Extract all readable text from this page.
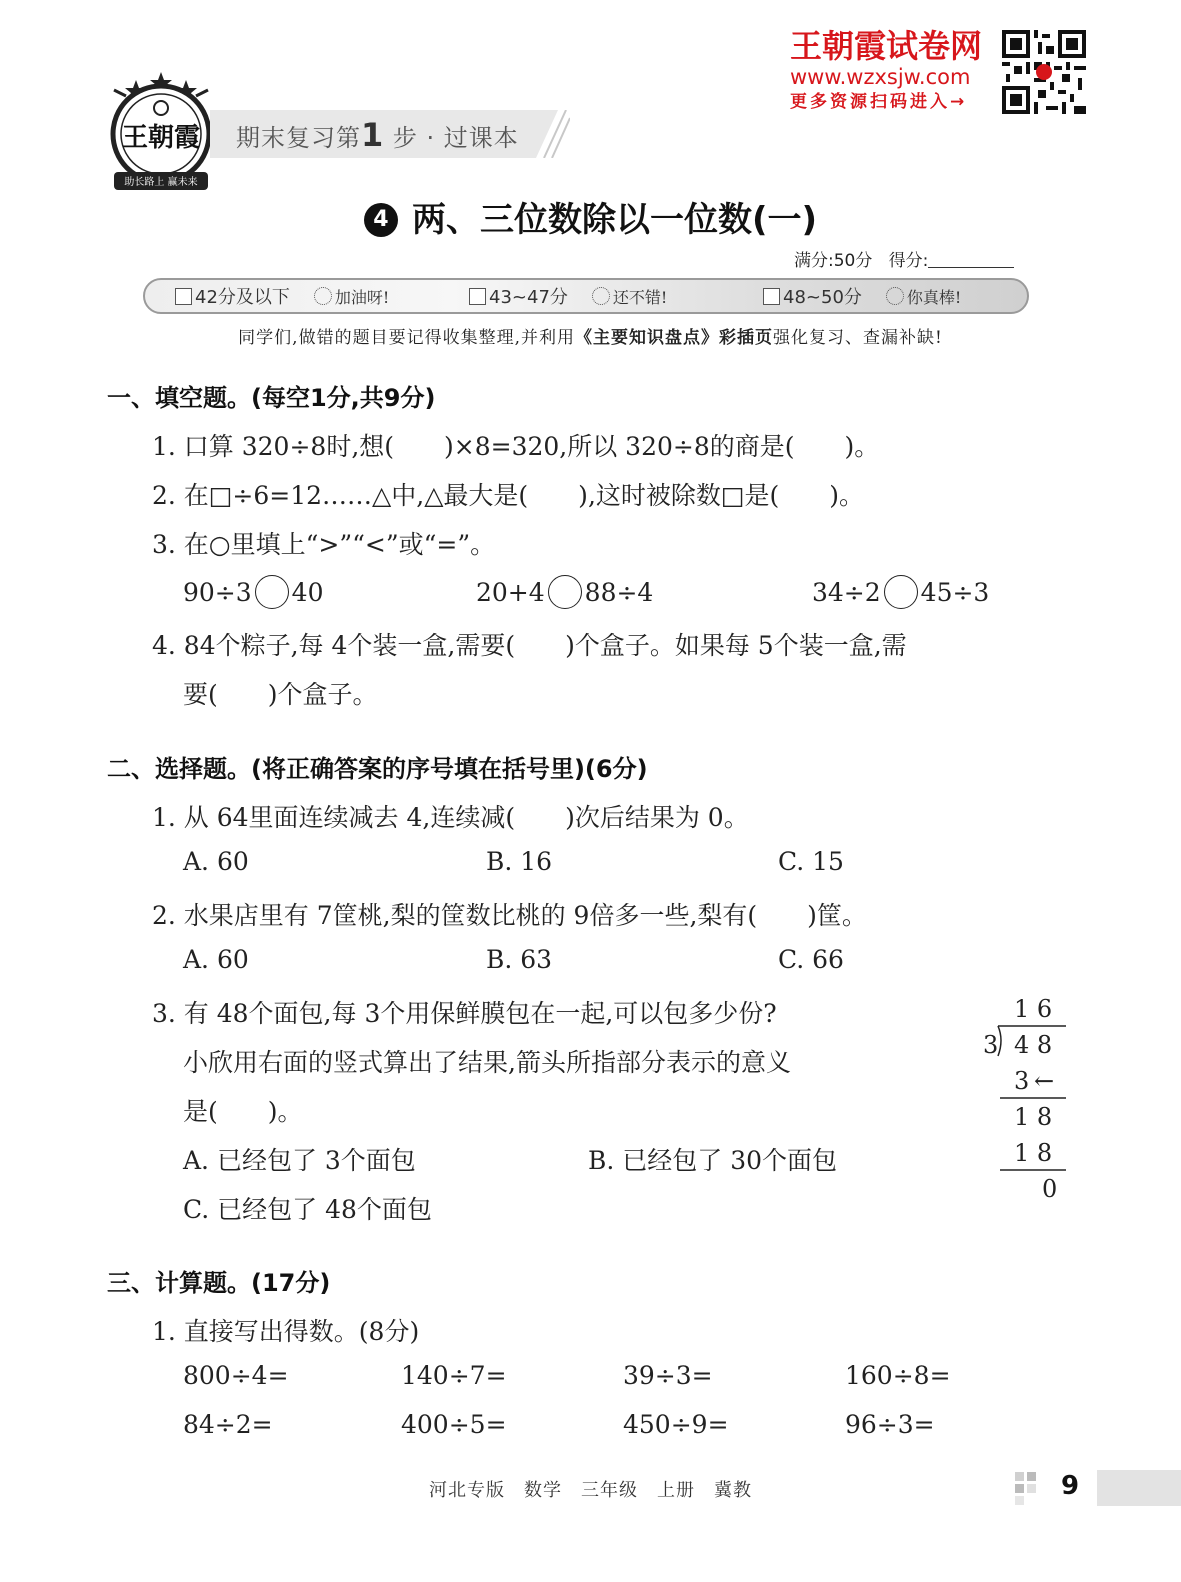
王朝霞
助长路上 赢未来
期末复习第1 步 · 过课本
王朝霞试卷网
www.wzxsjw.com
更多资源扫码进入→
4 两、三位数除以一位数(一)
满分:50分 得分:
42分及以下	加油呀!	43~47分	还不错!	48~50分	你真棒!
同学们,做错的题目要记得收集整理,并利用《主要知识盘点》彩插页强化复习、查漏补缺!
一、填空题。(每空1分,共9分)
1. 口算 320÷8时,想(　　)×8=320,所以 320÷8的商是(　　)。
2. 在□÷6=12……△中,△最大是(　　),这时被除数□是(　　)。
3. 在○里填上“>”“<”或“=”。
90÷3 40	20+4 88÷4	34÷2 45÷3
4. 84个粽子,每 4个装一盒,需要(　　)个盒子。如果每 5个装一盒,需
要(　　)个盒子。
二、选择题。(将正确答案的序号填在括号里)(6分)
1. 从 64里面连续减去 4,连续减(　　)次后结果为 0。
A. 60	B. 16	C. 15
2. 水果店里有 7筐桃,梨的筐数比桃的 9倍多一些,梨有(　　)筐。
A. 60	B. 63	C. 66
3. 有 48个面包,每 3个用保鲜膜包在一起,可以包多少份?
小欣用右面的竖式算出了结果,箭头所指部分表示的意义
是(　　)。
A. 已经包了 3个面包	B. 已经包了 30个面包
C. 已经包了 48个面包
1 6
3 4 8
3 ←
1 8
1 8
0
三、计算题。(17分)
1. 直接写出得数。(8分)
800÷4=	140÷7=	39÷3=	160÷8=
84÷2=	400÷5=	450÷9=	96÷3=
河北专版　数学　三年级　上册　冀教	9
